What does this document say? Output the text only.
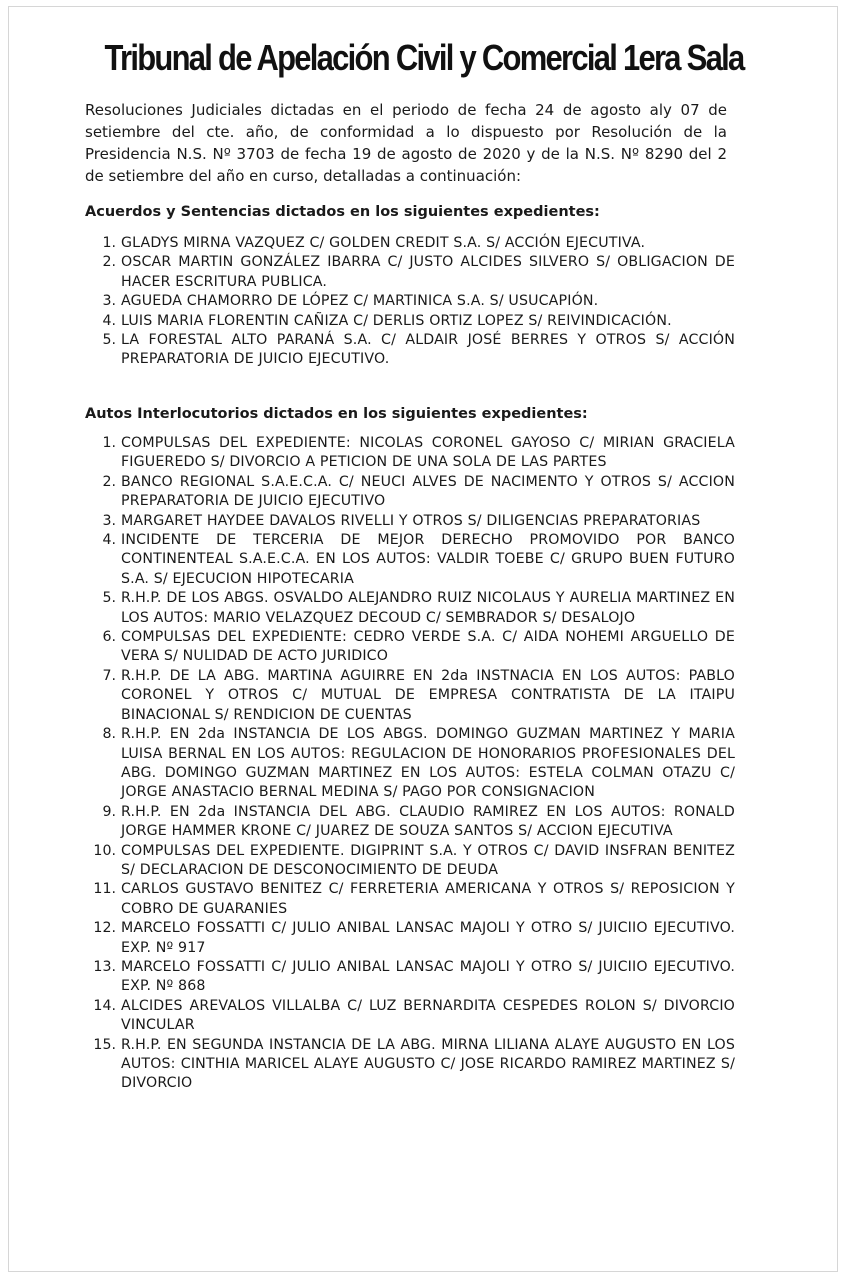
Tribunal de Apelación Civil y Comercial 1era Sala
Resoluciones Judiciales dictadas en el periodo de fecha 24 de agosto aly 07 de setiembre del cte. año, de conformidad a lo dispuesto por Resolución de la Presidencia N.S. Nº 3703 de fecha 19 de agosto de 2020 y de la N.S. Nº 8290 del 2 de setiembre del año en curso, detalladas a continuación:
Acuerdos y Sentencias dictados en los siguientes expedientes:
1. GLADYS MIRNA VAZQUEZ C/ GOLDEN CREDIT S.A. S/ ACCIÓN EJECUTIVA.
2. OSCAR MARTIN GONZÁLEZ IBARRA C/ JUSTO ALCIDES SILVERO S/ OBLIGACION DE HACER ESCRITURA PUBLICA.
3. AGUEDA CHAMORRO DE LÓPEZ C/ MARTINICA S.A. S/ USUCAPIÓN.
4. LUIS MARIA FLORENTIN CAÑIZA C/ DERLIS ORTIZ LOPEZ S/ REIVINDICACIÓN.
5. LA FORESTAL ALTO PARANÁ S.A. C/ ALDAIR JOSÉ BERRES Y OTROS S/ ACCIÓN PREPARATORIA DE JUICIO EJECUTIVO.
Autos Interlocutorios dictados en los siguientes expedientes:
1. COMPULSAS DEL EXPEDIENTE: NICOLAS CORONEL GAYOSO C/ MIRIAN GRACIELA FIGUEREDO S/ DIVORCIO A PETICION DE UNA SOLA DE LAS PARTES
2. BANCO REGIONAL S.A.E.C.A. C/ NEUCI ALVES DE NACIMENTO Y OTROS S/ ACCION PREPARATORIA DE JUICIO EJECUTIVO
3. MARGARET HAYDEE DAVALOS RIVELLI Y OTROS S/ DILIGENCIAS PREPARATORIAS
4. INCIDENTE DE TERCERIA DE MEJOR DERECHO PROMOVIDO POR BANCO CONTINENTEAL S.A.E.C.A. EN LOS AUTOS: VALDIR TOEBE C/ GRUPO BUEN FUTURO S.A. S/ EJECUCION HIPOTECARIA
5. R.H.P. DE LOS ABGS. OSVALDO ALEJANDRO RUIZ NICOLAUS Y AURELIA MARTINEZ EN LOS AUTOS: MARIO VELAZQUEZ DECOUD C/ SEMBRADOR S/ DESALOJO
6. COMPULSAS DEL EXPEDIENTE: CEDRO VERDE S.A. C/ AIDA NOHEMI ARGUELLO DE VERA S/ NULIDAD DE ACTO JURIDICO
7. R.H.P. DE LA ABG. MARTINA AGUIRRE EN 2da INSTNACIA EN LOS AUTOS: PABLO CORONEL Y OTROS C/ MUTUAL DE EMPRESA CONTRATISTA DE LA ITAIPU BINACIONAL S/ RENDICION DE CUENTAS
8. R.H.P. EN 2da INSTANCIA DE LOS ABGS. DOMINGO GUZMAN MARTINEZ Y MARIA LUISA BERNAL EN LOS AUTOS: REGULACION DE HONORARIOS PROFESIONALES DEL ABG. DOMINGO GUZMAN MARTINEZ EN LOS AUTOS: ESTELA COLMAN OTAZU C/ JORGE ANASTACIO BERNAL MEDINA S/ PAGO POR CONSIGNACION
9. R.H.P. EN 2da INSTANCIA DEL ABG. CLAUDIO RAMIREZ EN LOS AUTOS: RONALD JORGE HAMMER KRONE C/ JUAREZ DE SOUZA SANTOS S/ ACCION EJECUTIVA
10. COMPULSAS DEL EXPEDIENTE. DIGIPRINT S.A. Y OTROS C/ DAVID INSFRAN BENITEZ S/ DECLARACION DE DESCONOCIMIENTO DE DEUDA
11. CARLOS GUSTAVO BENITEZ C/ FERRETERIA AMERICANA Y OTROS S/ REPOSICION Y COBRO DE GUARANIES
12. MARCELO FOSSATTI C/ JULIO ANIBAL LANSAC MAJOLI Y OTRO S/ JUICIIO EJECUTIVO. EXP. Nº 917
13. MARCELO FOSSATTI C/ JULIO ANIBAL LANSAC MAJOLI Y OTRO S/ JUICIIO EJECUTIVO. EXP. Nº 868
14. ALCIDES AREVALOS VILLALBA C/ LUZ BERNARDITA CESPEDES ROLON S/ DIVORCIO VINCULAR
15. R.H.P. EN SEGUNDA INSTANCIA DE LA ABG. MIRNA LILIANA ALAYE AUGUSTO EN LOS AUTOS: CINTHIA MARICEL ALAYE AUGUSTO C/ JOSE RICARDO RAMIREZ MARTINEZ S/ DIVORCIO
